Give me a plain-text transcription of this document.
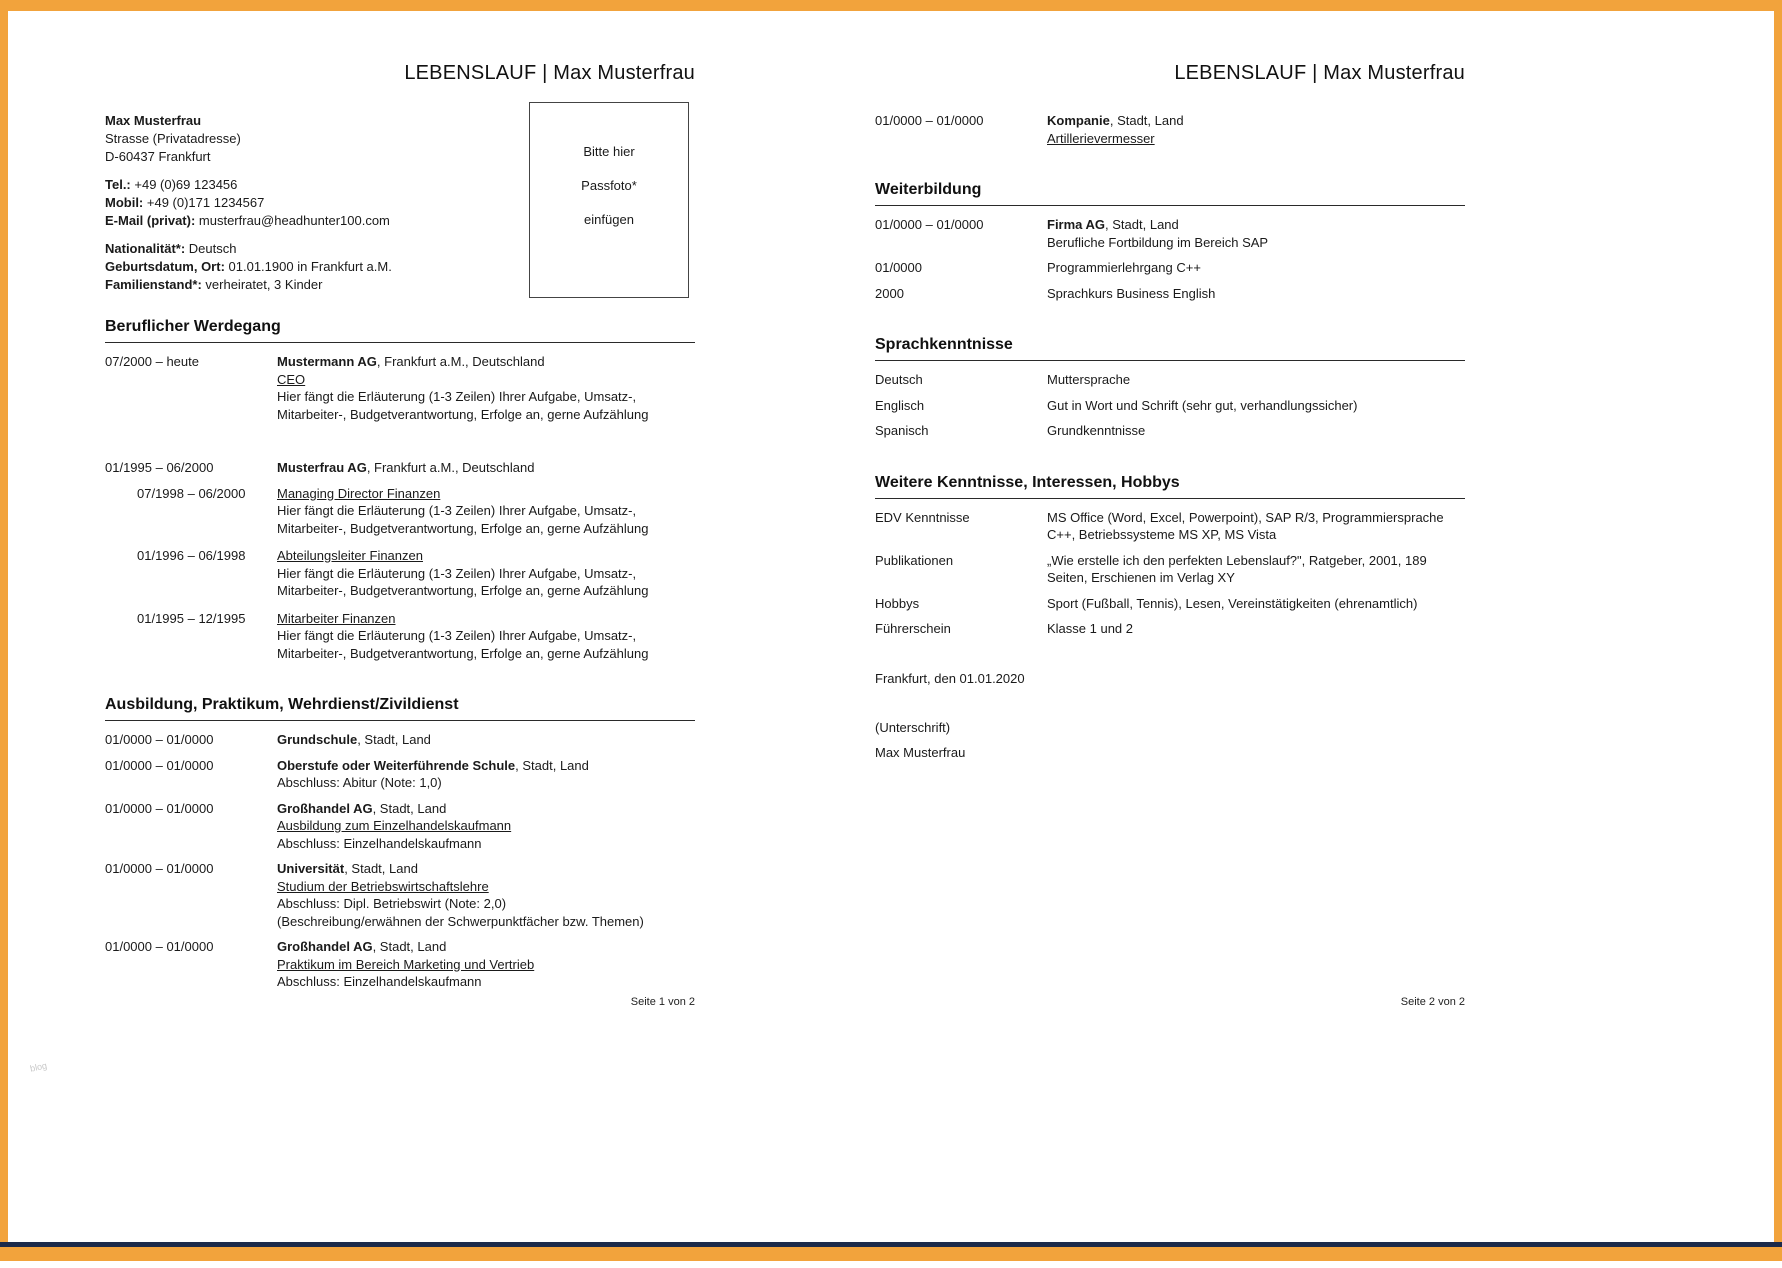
LEBENSLAUF | Max Musterfrau
Max Musterfrau
Strasse (Privatadresse)
D-60437 Frankfurt
Tel.: +49 (0)69 123456
Mobil: +49 (0)171 1234567
E-Mail (privat): musterfrau@headhunter100.com
Nationalität*: Deutsch
Geburtsdatum, Ort: 01.01.1900 in Frankfurt a.M.
Familienstand*: verheiratet, 3 Kinder
Bitte hier
Passfoto*
einfügen
Beruflicher Werdegang
07/2000 – heute	Mustermann AG, Frankfurt a.M., Deutschland
CEO
Hier fängt die Erläuterung (1-3 Zeilen) Ihrer Aufgabe, Umsatz-,
Mitarbeiter-, Budgetverantwortung, Erfolge an, gerne Aufzählung
01/1995 – 06/2000	Musterfrau AG, Frankfurt a.M., Deutschland
07/1998 – 06/2000	Managing Director Finanzen
Hier fängt die Erläuterung (1-3 Zeilen) Ihrer Aufgabe, Umsatz-,
Mitarbeiter-, Budgetverantwortung, Erfolge an, gerne Aufzählung
01/1996 – 06/1998	Abteilungsleiter Finanzen
Hier fängt die Erläuterung (1-3 Zeilen) Ihrer Aufgabe, Umsatz-,
Mitarbeiter-, Budgetverantwortung, Erfolge an, gerne Aufzählung
01/1995 – 12/1995	Mitarbeiter Finanzen
Hier fängt die Erläuterung (1-3 Zeilen) Ihrer Aufgabe, Umsatz-,
Mitarbeiter-, Budgetverantwortung, Erfolge an, gerne Aufzählung
Ausbildung, Praktikum, Wehrdienst/Zivildienst
01/0000 – 01/0000	Grundschule, Stadt, Land
01/0000 – 01/0000	Oberstufe oder Weiterführende Schule, Stadt, Land
Abschluss: Abitur (Note: 1,0)
01/0000 – 01/0000	Großhandel AG, Stadt, Land
Ausbildung zum Einzelhandelskaufmann
Abschluss: Einzelhandelskaufmann
01/0000 – 01/0000	Universität, Stadt, Land
Studium der Betriebswirtschaftslehre
Abschluss: Dipl. Betriebswirt (Note: 2,0)
(Beschreibung/erwähnen der Schwerpunktfächer bzw. Themen)
01/0000 – 01/0000	Großhandel AG, Stadt, Land
Praktikum im Bereich Marketing und Vertrieb
Abschluss: Einzelhandelskaufmann
Seite 1 von 2
LEBENSLAUF | Max Musterfrau
01/0000 – 01/0000	Kompanie, Stadt, Land
Artillerievermesser
Weiterbildung
01/0000 – 01/0000	Firma AG, Stadt, Land
Berufliche Fortbildung im Bereich SAP
01/0000	Programmierlehrgang C++
2000	Sprachkurs Business English
Sprachkenntnisse
Deutsch	Muttersprache
Englisch	Gut in Wort und Schrift (sehr gut, verhandlungssicher)
Spanisch	Grundkenntnisse
Weitere Kenntnisse, Interessen, Hobbys
EDV Kenntnisse	MS Office (Word, Excel, Powerpoint), SAP R/3, Programmiersprache
C++, Betriebssysteme MS XP, MS Vista
Publikationen	„Wie erstelle ich den perfekten Lebenslauf?", Ratgeber, 2001, 189
Seiten, Erschienen im Verlag XY
Hobbys	Sport (Fußball, Tennis), Lesen, Vereinstätigkeiten (ehrenamtlich)
Führerschein	Klasse 1 und 2
Frankfurt, den 01.01.2020
(Unterschrift)
Max Musterfrau
Seite 2 von 2
blog
